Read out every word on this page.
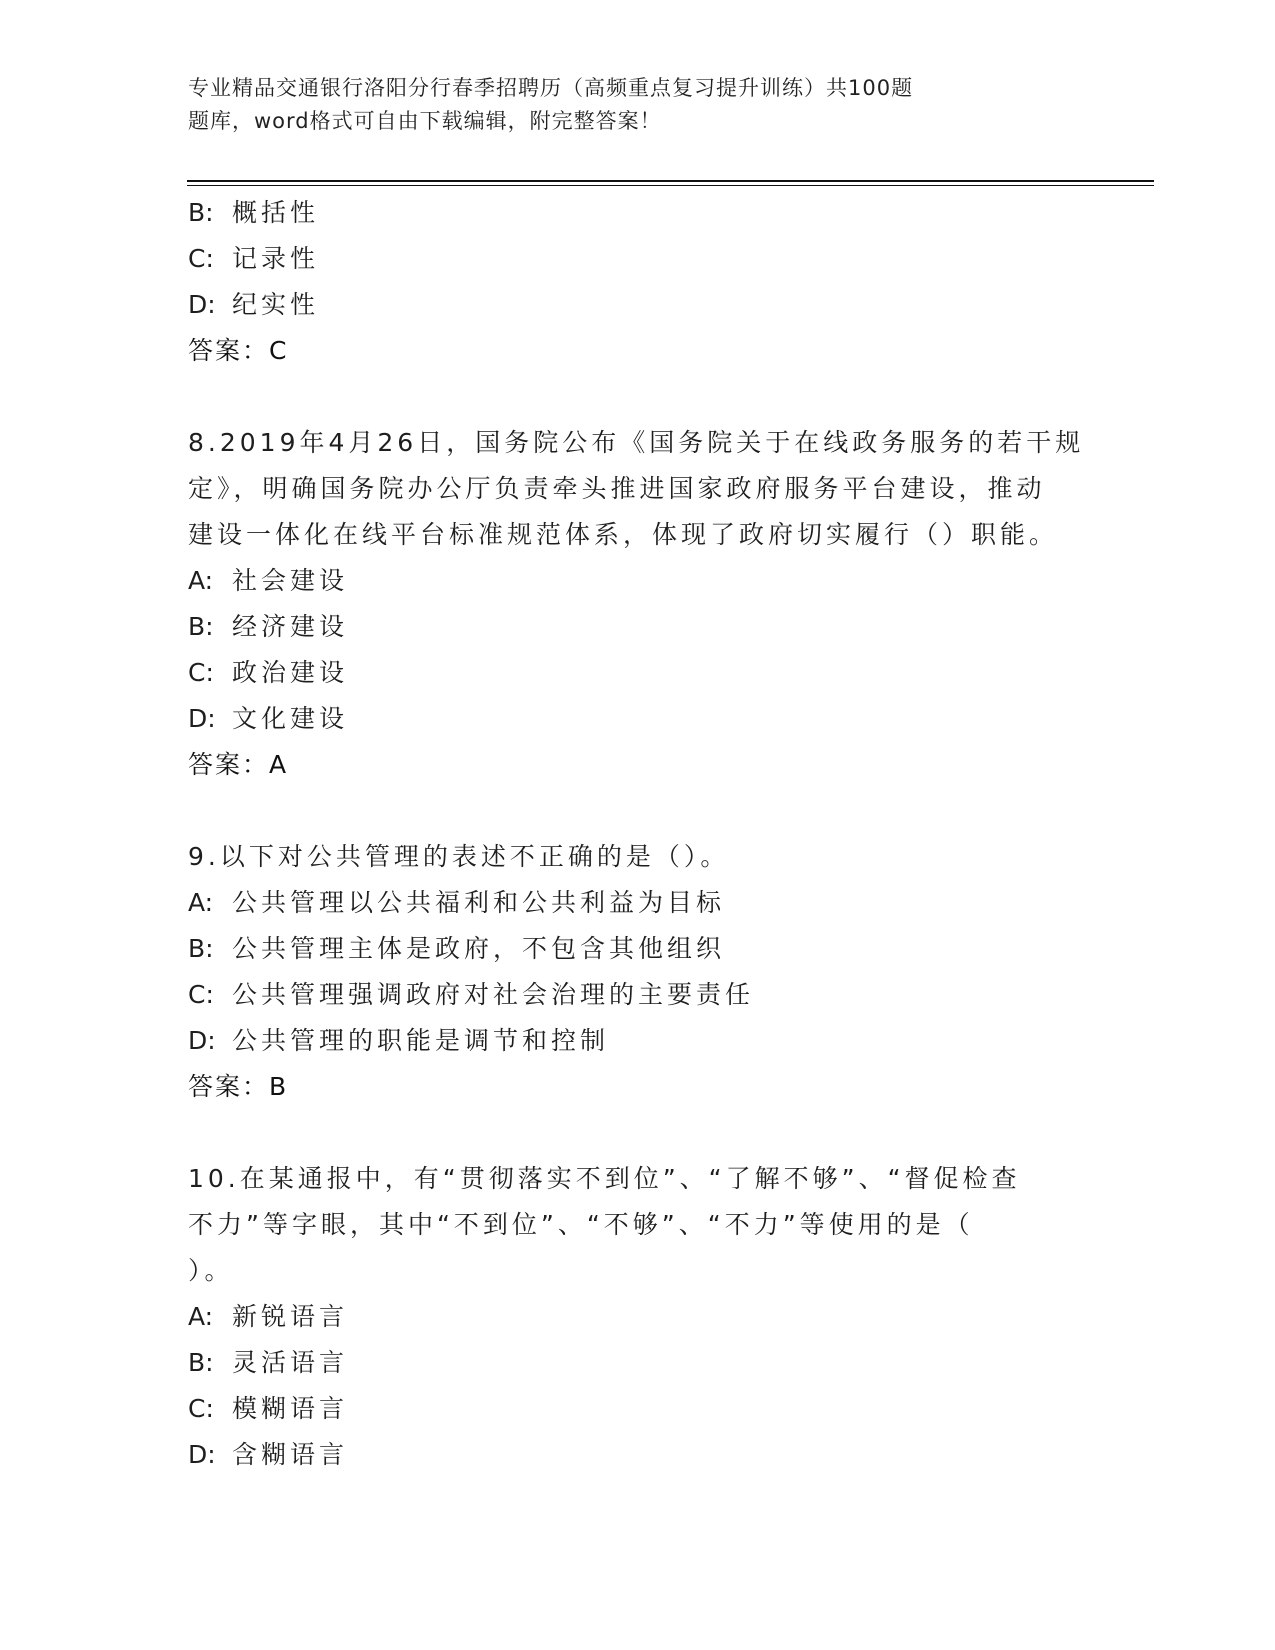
专业精品交通银行洛阳分行春季招聘历（高频重点复习提升训练）共100题
题库，word格式可自由下载编辑，附完整答案！
B: 概括性
C: 记录性
D: 纪实性
答案：C
8.2019年4月26日，国务院公布《国务院关于在线政务服务的若干规
定》，明确国务院办公厅负责牵头推进国家政府服务平台建设，推动
建设一体化在线平台标准规范体系，体现了政府切实履行（）职能。
A: 社会建设
B: 经济建设
C: 政治建设
D: 文化建设
答案：A
9.以下对公共管理的表述不正确的是（）。
A: 公共管理以公共福利和公共利益为目标
B: 公共管理主体是政府，不包含其他组织
C: 公共管理强调政府对社会治理的主要责任
D: 公共管理的职能是调节和控制
答案：B
10.在某通报中，有“贯彻落实不到位”、“了解不够”、“督促检查
不力”等字眼，其中“不到位”、“不够”、“不力”等使用的是（
）。
A: 新锐语言
B: 灵活语言
C: 模糊语言
D: 含糊语言
